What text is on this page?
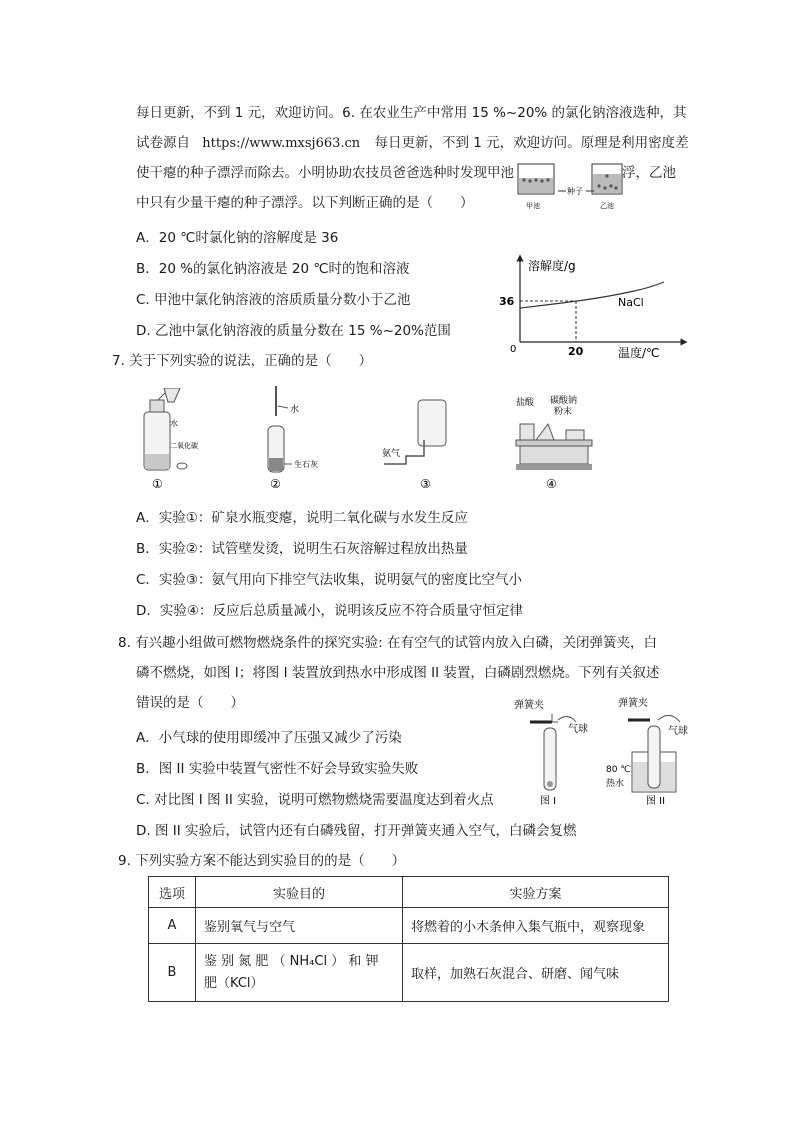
每日更新，不到 1 元，欢迎访问。6. 在农业生产中常用 15 %~20% 的氯化钠溶液选种，其
试卷源自 https://www.mxsj663.cn 每日更新，不到 1 元，欢迎访问。原理是利用密度差
使干瘪的种子漂浮而除去。小明协助农技员爸爸选种时发现甲池	浮，乙池
中只有少量干瘪的种子漂浮。以下判断正确的是（　　）
种子
甲池	乙池
A．20 ℃时氯化钠的溶解度是 36
B．20 %的氯化钠溶液是 20 ℃时的饱和溶液
C. 甲池中氯化钠溶液的溶质质量分数小于乙池
D. 乙池中氯化钠溶液的质量分数在 15 %~20%范围
溶解度/g
36
0	20	温度/℃
NaCl
7. 关于下列实验的说法，正确的是（　　）
水
二氧化碳
①
水
生石灰
②
氨气
③
盐酸 碳酸钠
粉末
④
A．实验①：矿泉水瓶变瘪，说明二氧化碳与水发生反应
B．实验②：试管壁发烫，说明生石灰溶解过程放出热量
C．实验③：氨气用向下排空气法收集，说明氨气的密度比空气小
D．实验④：反应后总质量减小，说明该反应不符合质量守恒定律
8. 有兴趣小组做可燃物燃烧条件的探究实验: 在有空气的试管内放入白磷，关闭弹簧夹，白
磷不燃烧，如图 I；将图 I 装置放到热水中形成图 II 装置，白磷剧烈燃烧。下列有关叙述
错误的是（　　）	弹簧夹
气球
图 I
弹簧夹
气球
80 ℃
热水
图 II
A．小气球的使用即缓冲了压强又减少了污染
B．图 II 实验中装置气密性不好会导致实验失败
C. 对比图 I 图 II 实验，说明可燃物燃烧需要温度达到着火点
D. 图 II 实验后，试管内还有白磷残留，打开弹簧夹通入空气，白磷会复燃
9. 下列实验方案不能达到实验目的的是（　　）
选项	实验目的	实验方案
A	鉴别氧气与空气	将燃着的小木条伸入集气瓶中，观察现象
B	鉴 别 氮 肥 （ NH₄Cl ） 和 钾 肥（KCl）	取样，加熟石灰混合、研磨、闻气味
